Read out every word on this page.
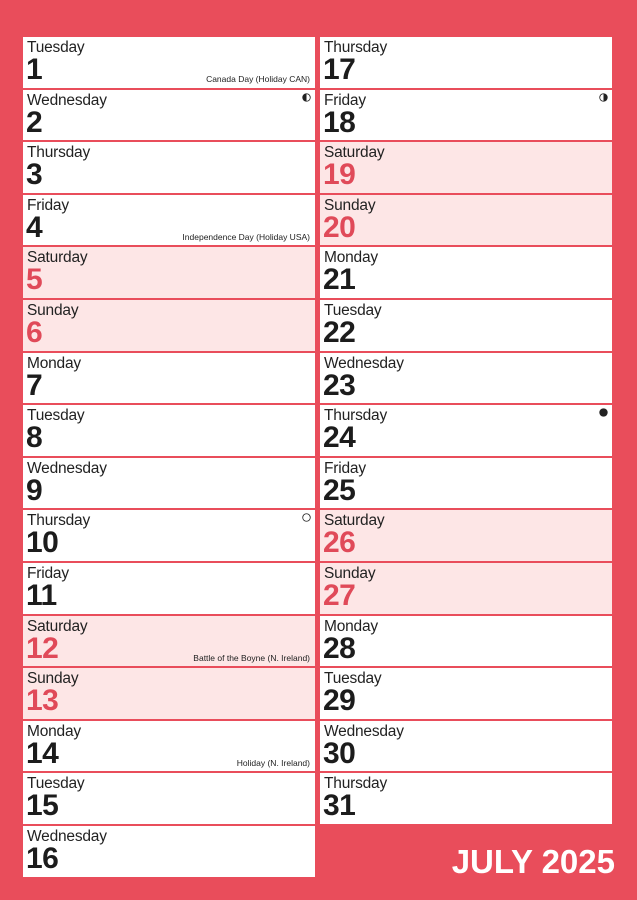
Tuesday
1	Canada Day (Holiday CAN)
Wednesday
2
Thursday
3
Friday
4	Independence Day (Holiday USA)
Saturday
5
Sunday
6
Monday
7
Tuesday
8
Wednesday
9
Thursday
10
Friday
11
Saturday
12	Battle of the Boyne (N. Ireland)
Sunday
13
Monday
14	Holiday (N. Ireland)
Tuesday
15
Wednesday
16
Thursday
17
Friday
18
Saturday
19
Sunday
20
Monday
21
Tuesday
22
Wednesday
23
Thursday
24
Friday
25
Saturday
26
Sunday
27
Monday
28
Tuesday
29
Wednesday
30
Thursday
31
JULY 2025
